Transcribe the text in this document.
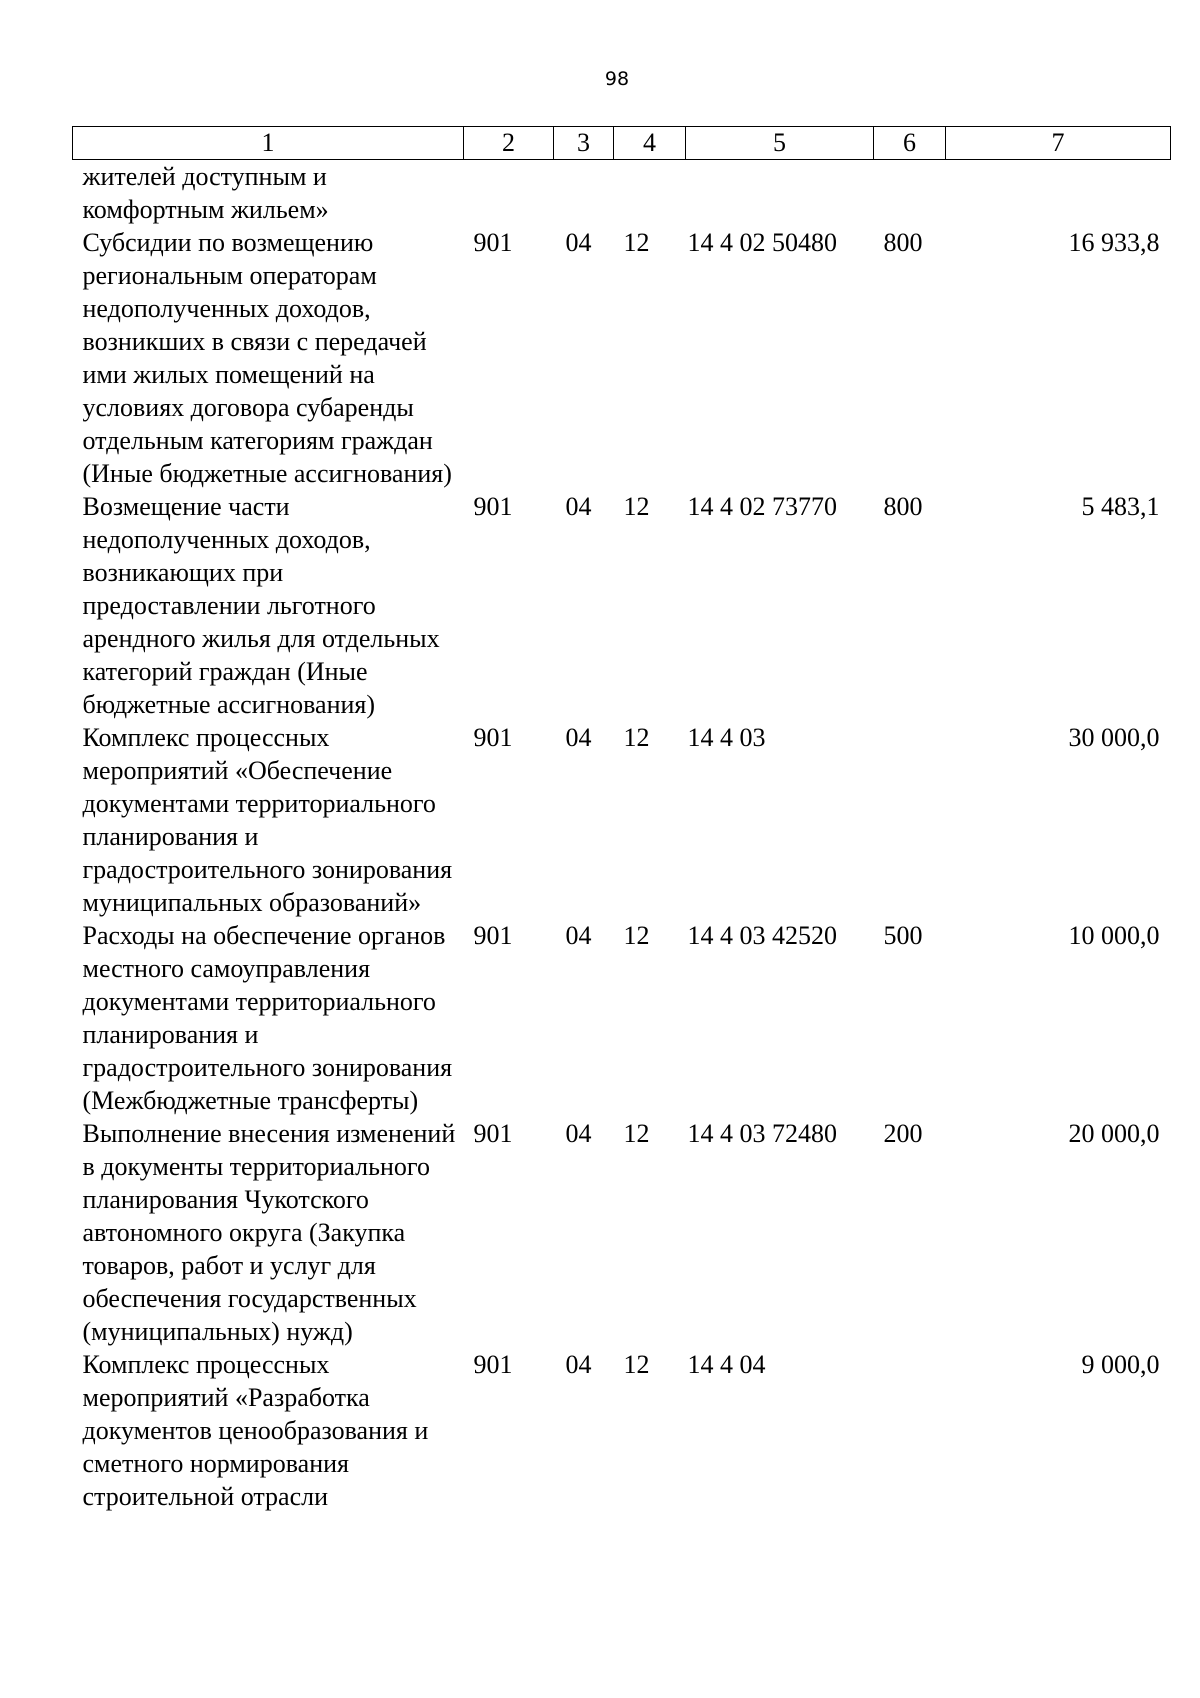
98
1	2	3	4	5	6	7
жителей доступным и комфортным жильем»						
Субсидии по возмещению региональным операторам недополученных доходов, возникших в связи с передачей ими жилых помещений на условиях договора субаренды отдельным категориям граждан (Иные бюджетные ассигнования)	901	04	12	14 4 02 50480	800	16 933,8
Возмещение части недополученных доходов, возникающих при предоставлении льготного арендного жилья для отдельных категорий граждан (Иные бюджетные ассигнования)	901	04	12	14 4 02 73770	800	5 483,1
Комплекс процессных мероприятий «Обеспечение документами территориального планирования и градостроительного зонирования муниципальных образований»	901	04	12	14 4 03		30 000,0
Расходы на обеспечение органов местного самоуправления документами территориального планирования и градостроительного зонирования (Межбюджетные трансферты)	901	04	12	14 4 03 42520	500	10 000,0
Выполнение внесения изменений в документы территориального планирования Чукотского автономного округа (Закупка товаров, работ и услуг для обеспечения государственных (муниципальных) нужд)	901	04	12	14 4 03 72480	200	20 000,0
Комплекс процессных мероприятий «Разработка документов ценообразования и сметного нормирования строительной отрасли	901	04	12	14 4 04		9 000,0
